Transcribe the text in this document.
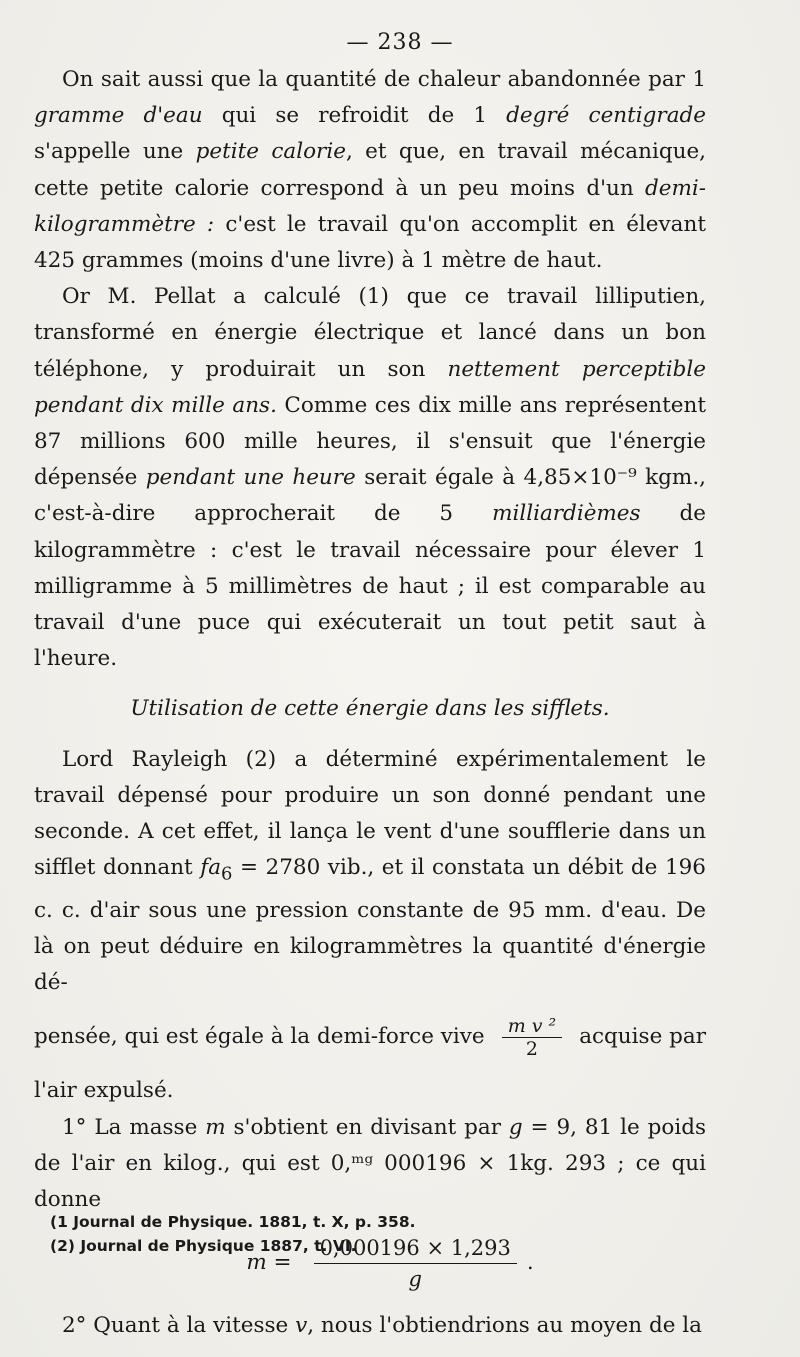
— 238 —

On sait aussi que la quantité de chaleur abandonnée par 1 gramme d'eau qui se refroidit de 1 degré centigrade s'appelle une petite calorie, et que, en travail mécanique, cette petite calorie correspond à un peu moins d'un demi-kilogrammètre : c'est le travail qu'on accomplit en élevant 425 grammes (moins d'une livre) à 1 mètre de haut.

Or M. Pellat a calculé (1) que ce travail lilliputien, transformé en énergie électrique et lancé dans un bon téléphone, y produirait un son nettement perceptible pendant dix mille ans. Comme ces dix mille ans représentent 87 millions 600 mille heures, il s'ensuit que l'énergie dépensée pendant une heure serait égale à 4,85×10⁻⁹ kgm., c'est-à-dire approcherait de 5 milliardièmes de kilogrammètre : c'est le travail nécessaire pour élever 1 milligramme à 5 millimètres de haut ; il est comparable au travail d'une puce qui exécuterait un tout petit saut à l'heure.

Utilisation de cette énergie dans les sifflets.

Lord Rayleigh (2) a déterminé expérimentalement le travail dépensé pour produire un son donné pendant une seconde. A cet effet, il lança le vent d'une soufflerie dans un sifflet donnant $fa_6 = 2780$ vib., et il constata un débit de 196 c. c. d'air sous une pression constante de 95 mm. d'eau. De là on peut déduire en kilogrammètres la quantité d'énergie dé-

pensée, qui est égale à la demi-force vive $\frac{\text{m v ²}}{2}$ acquise par

l'air expulsé.

1° La masse m s'obtient en divisant par g = 9, 81 le poids de l'air en kilog., qui est 0,ᵐᵍ 000196 × 1kg. 293 ; ce qui donne

$m = \frac{0,000196 \times 1,293}{g}$ .

2° Quant à la vitesse v, nous l'obtiendrions au moyen de la

(1 Journal de Physique. 1881, t. X, p. 358.
(2) Journal de Physique 1887, t. VI.
